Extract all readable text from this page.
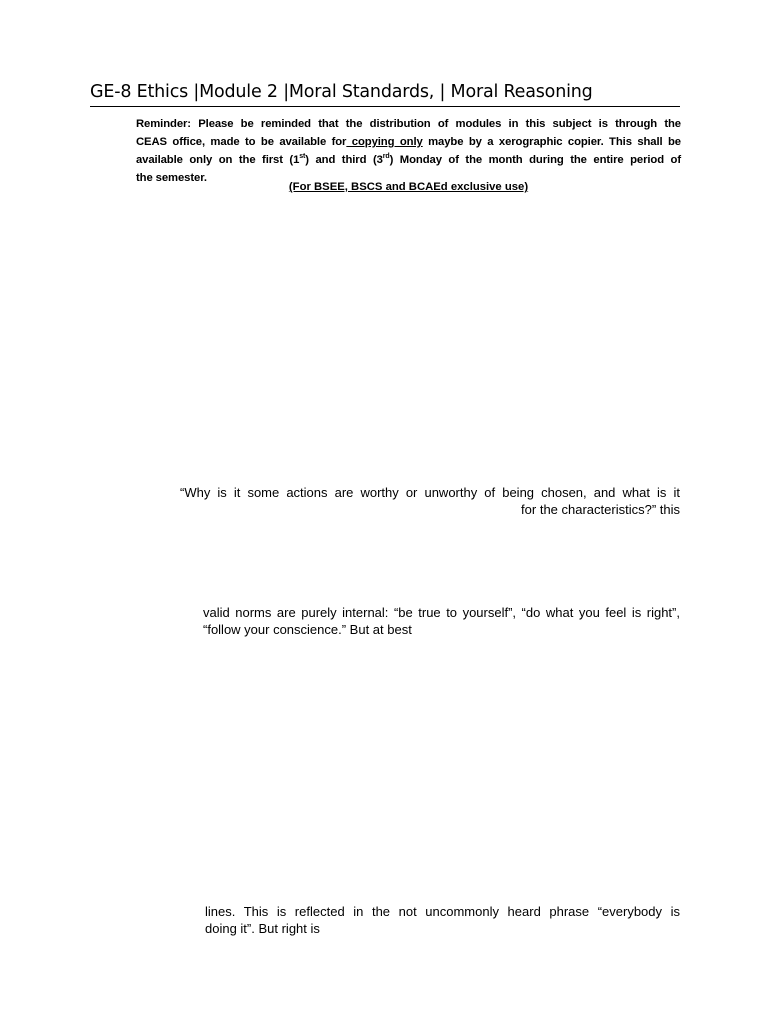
GE-8 Ethics |Module 2 |Moral Standards, | Moral Reasoning
Reminder: Please be reminded that the distribution of modules in this subject is through the
CEAS office, made to be available for copying only maybe by a xerographic copier. This shall be
available only on the first (1st) and third (3rd) Monday of the month during the entire period of
the semester.
(For BSEE, BSCS and BCAEd exclusive use)
“Why is it some actions are worthy or unworthy of being chosen, and what is it
for the characteristics?” this
valid norms are purely internal: “be true to yourself”, “do what you feel is right”,
“follow your conscience.” But at best
lines. This is reflected in the not uncommonly heard phrase “everybody is
doing it”. But right is
